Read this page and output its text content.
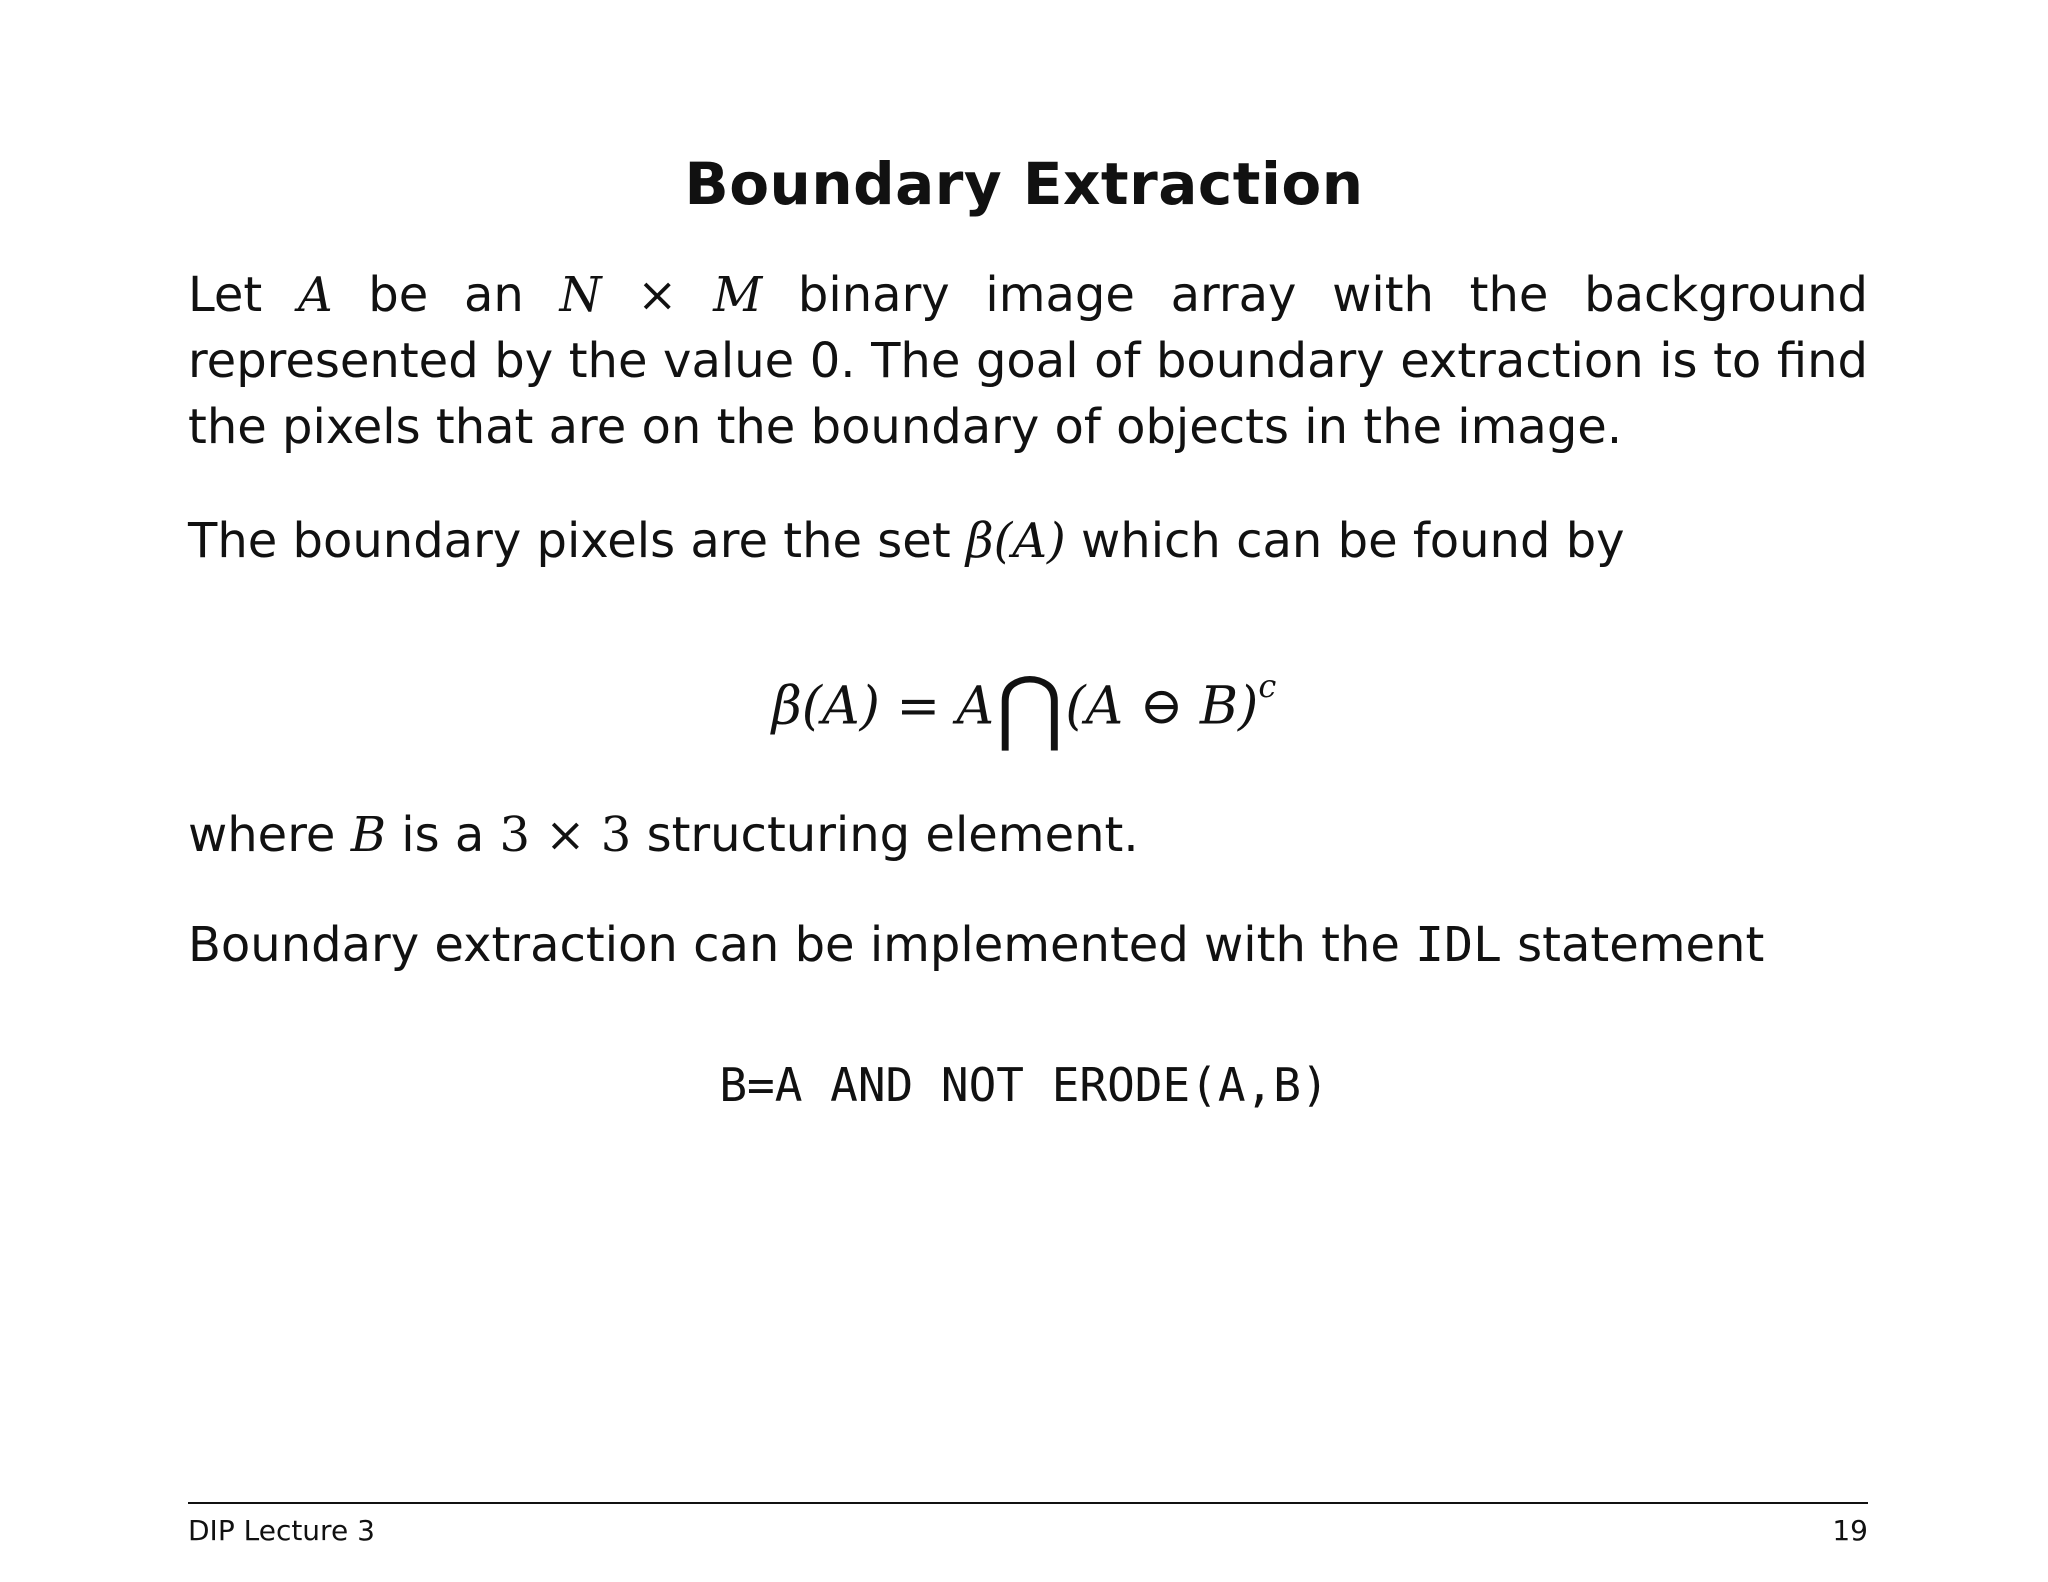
Boundary Extraction
Let A be an N × M binary image array with the background represented by the value 0. The goal of boundary extraction is to find the pixels that are on the boundary of objects in the image.
The boundary pixels are the set β(A) which can be found by
β(A) = A⋂(A ⊖ B)$^c$
where B is a 3 × 3 structuring element.
Boundary extraction can be implemented with the IDL statement
B=A AND NOT ERODE(A,B)
DIP Lecture 3	19
